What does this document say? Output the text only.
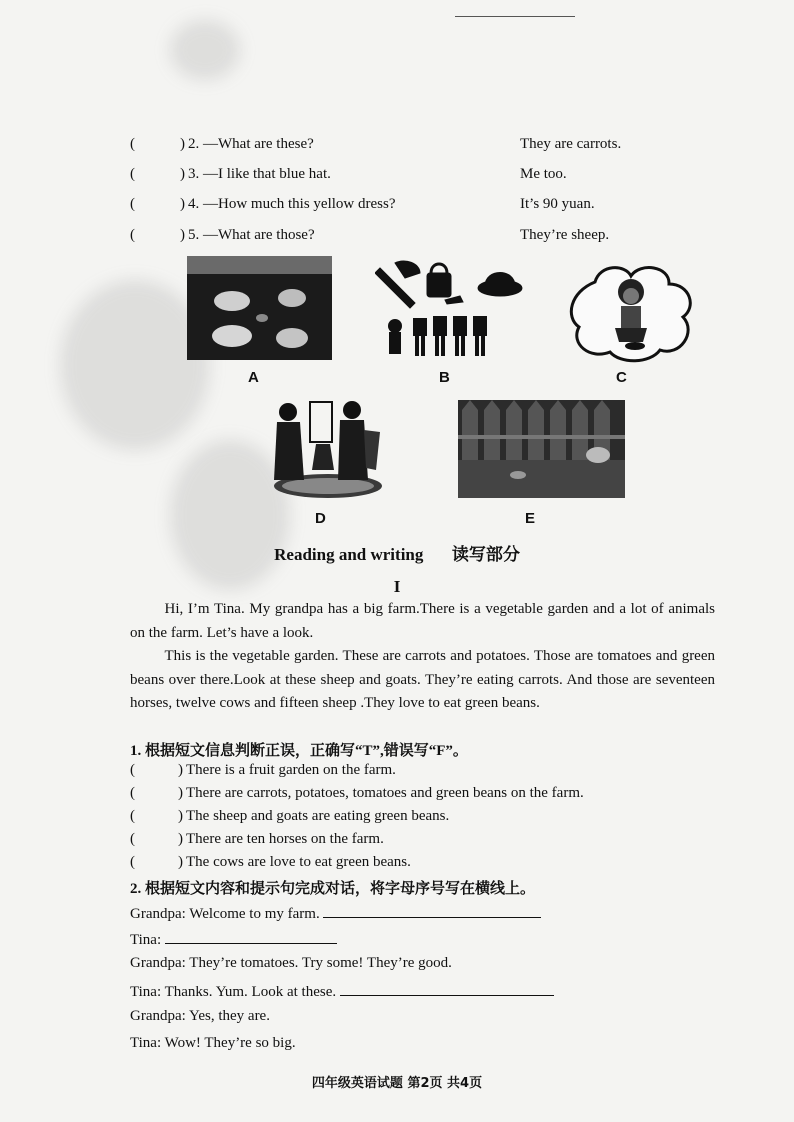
(	) 2. —What are these?	They are carrots.
(	) 3. —I like that blue hat.	Me too.
(	) 4. —How much this yellow dress?	It’s 90 yuan.
(	) 5. —What are those?	They’re sheep.
A	B	C
D	E
Reading and writing 读写部分
I

Hi, I’m Tina. My grandpa has a big farm.There is a vegetable garden and a lot of animals on the farm. Let’s have a look.

This is the vegetable garden. These are carrots and potatoes. Those are tomatoes and green beans over there.Look at these sheep and goats. They’re eating carrots. And those are seventeen horses, twelve cows and fifteen sheep .They love to eat green beans.

1. 根据短文信息判断正误，正确写“T”,错误写“F”。
(	) There is a fruit garden on the farm.
(	) There are carrots, potatoes, tomatoes and green beans on the farm.
(	) The sheep and goats are eating green beans.
(	) There are ten horses on the farm.
(	) The cows are love to eat green beans.
2. 根据短文内容和提示句完成对话，将字母序号写在横线上。
Grandpa: Welcome to my farm.
Tina:
Grandpa: They’re tomatoes. Try some! They’re good.
Tina: Thanks. Yum. Look at these.
Grandpa: Yes, they are.
Tina: Wow! They’re so big.
四年级英语试题 第2页 共4页
